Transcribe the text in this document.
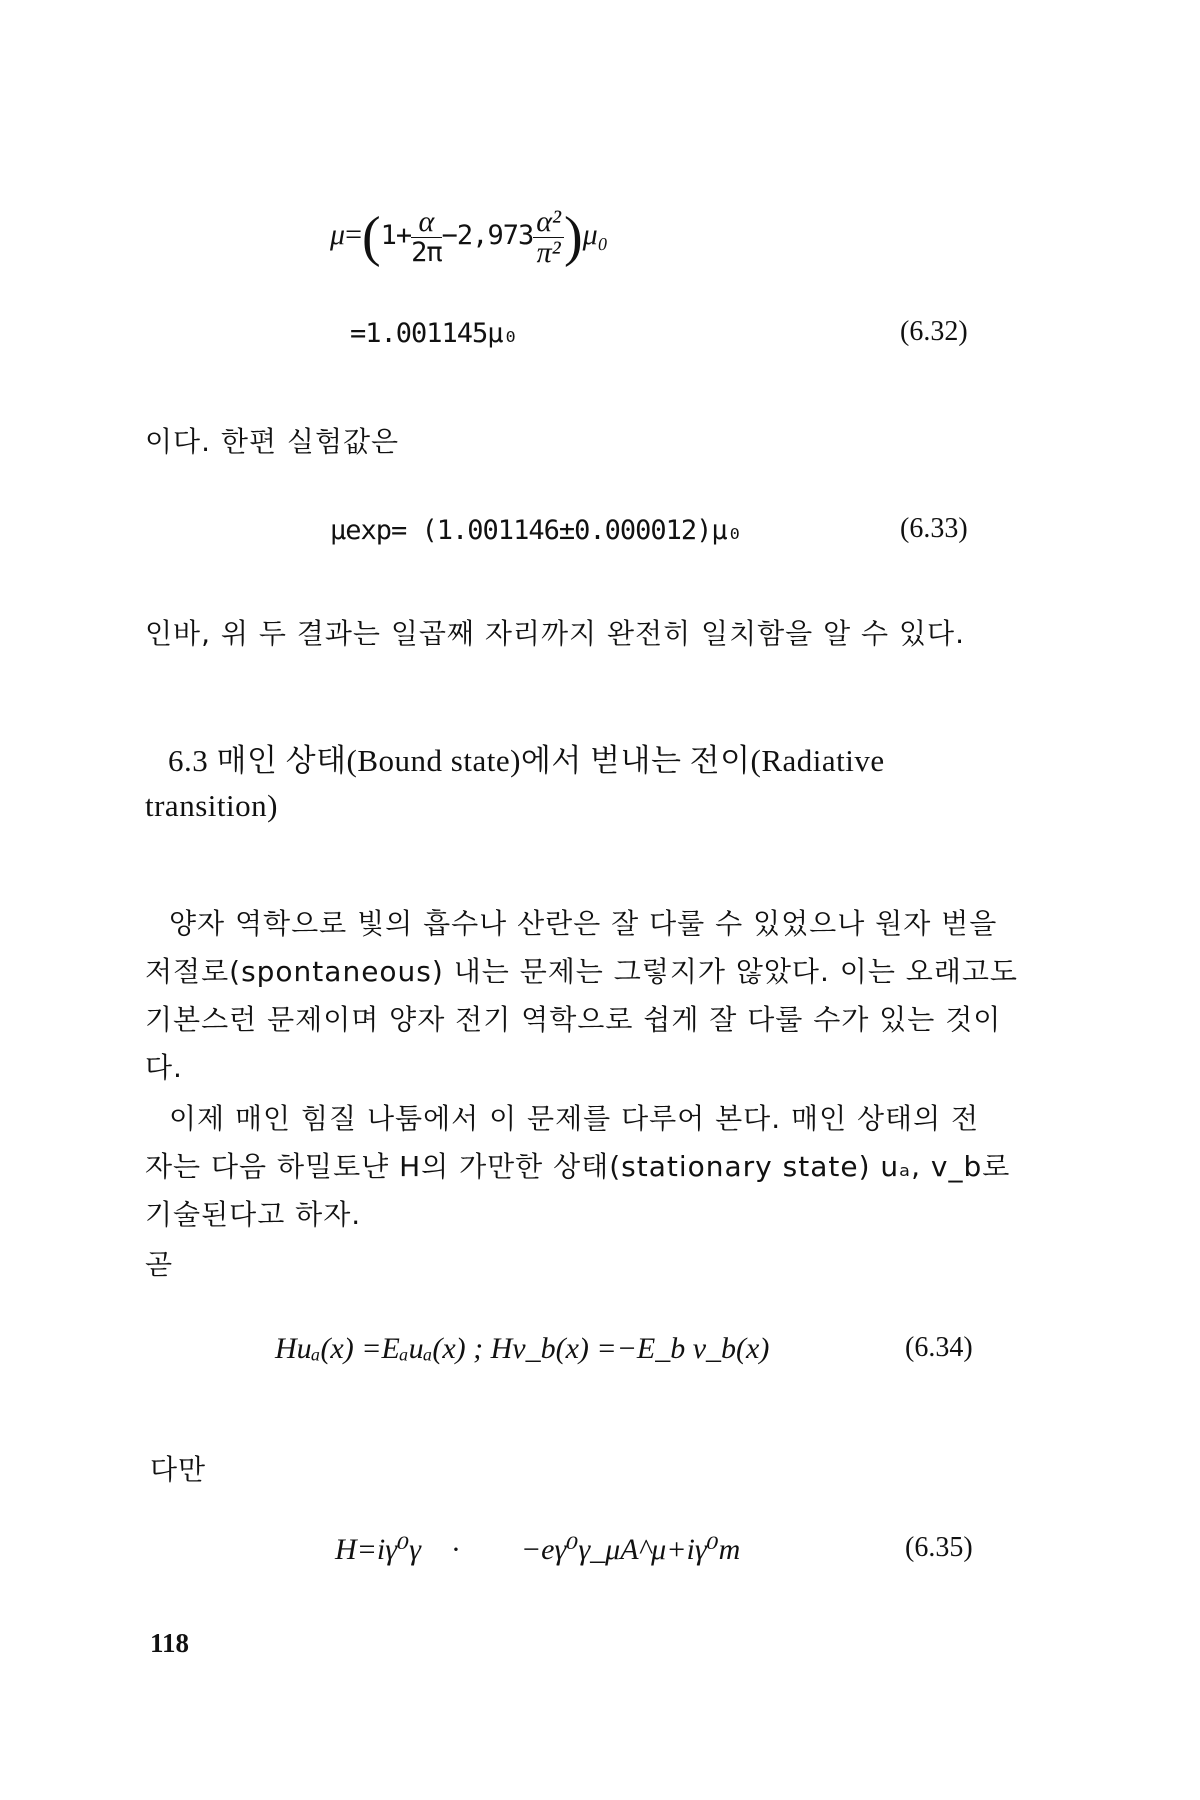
$\mu=(1+ \frac{\alpha}{2\pi} -2,973 \frac{\text{α²}}{\text{π²}} )\mu_0$
=1.001145μ₀	(6.32)
이다. 한편 실험값은
μexp= (1.001146±0.000012)μ₀	(6.33)
인바, 위 두 결과는 일곱째 자리까지 완전히 일치함을 알 수 있다.
6.3 매인 상태(Bound state)에서 벋내는 전이(Radiative
transition)

양자 역학으로 빛의 흡수나 산란은 잘 다룰 수 있었으나 원자 벋을

저절로(spontaneous) 내는 문제는 그렇지가 않았다. 이는 오래고도

기본스런 문제이며 양자 전기 역학으로 쉽게 잘 다룰 수가 있는 것이

다.

이제 매인 힘질 나툼에서 이 문제를 다루어 본다. 매인 상태의 전

자는 다음 하밀토냔 H의 가만한 상태(stationary state) uₐ, v_b로

기술된다고 하자.

곧
Huₐ(x) =Eₐuₐ(x) ; Hv_b(x) =−E_b v_b(x)	(6.34)
다만
H=iγ⁰γ⃗ · ∇⃗ −eγ⁰γ_μA^μ+iγ⁰m	(6.35)
118
